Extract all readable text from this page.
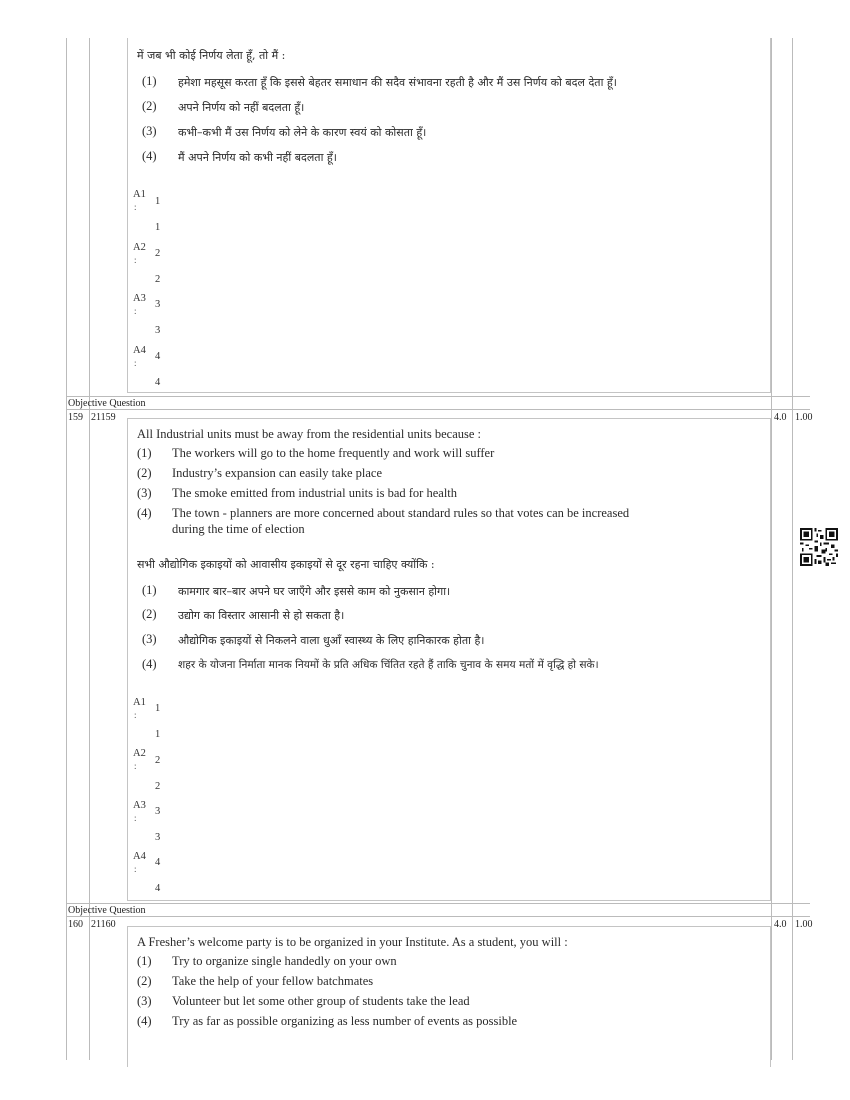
में जब भी कोई निर्णय लेता हूँ, तो मैं :
(1) हमेशा महसूस करता हूँ कि इससे बेहतर समाधान की सदैव संभावना रहती है और मैं उस निर्णय को बदल देता हूँ।
(2) अपने निर्णय को नहीं बदलता हूँ।
(3) कभी–कभी मैं उस निर्णय को लेने के कारण स्वयं को कोसता हूँ।
(4) मैं अपने निर्णय को कभी नहीं बदलता हूँ।
A1
: 1
1
A2
:
2
2
A3
:
3
3
A4
:
4
4
Objective Question
159 21159	4.0 1.00
All Industrial units must be away from the residential units because :
(1) The workers will go to the home frequently and work will suffer
(2) Industry’s expansion can easily take place
(3) The smoke emitted from industrial units is bad for health
(4) The town - planners are more concerned about standard rules so that votes can be increased
during the time of election
सभी औद्योगिक इकाइयों को आवासीय इकाइयों से दूर रहना चाहिए क्योंकि :
(1) कामगार बार–बार अपने घर जाएँगे और इससे काम को नुकसान होगा।
(2) उद्योग का विस्तार आसानी से हो सकता है।
(3) औद्योगिक इकाइयों से निकलने वाला धुआँ स्वास्थ्य के लिए हानिकारक होता है।
(4) शहर के योजना निर्माता मानक नियमों के प्रति अधिक चिंतित रहते हैं ताकि चुनाव के समय मतों में वृद्धि हो सके।
A1
:
1
1
A2
: 2
2
A3
:
3
3
A4
:
4
4
Objective Question
160 21160	4.0 1.00
A Fresher’s welcome party is to be organized in your Institute. As a student, you will :
(1) Try to organize single handedly on your own
(2) Take the help of your fellow batchmates
(3) Volunteer but let some other group of students take the lead
(4) Try as far as possible organizing as less number of events as possible
